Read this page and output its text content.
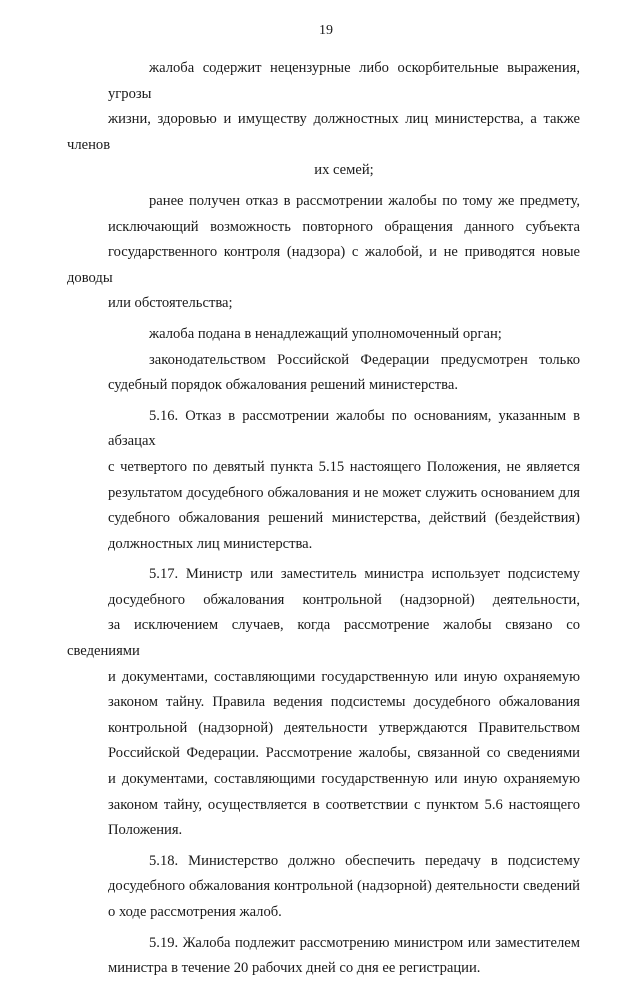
19
жалоба содержит нецензурные либо оскорбительные выражения, угрозы
жизни, здоровью и имуществу должностных лиц министерства, а также членов
их семей;
ранее получен отказ в рассмотрении жалобы по тому же предмету,
исключающий возможность повторного обращения данного субъекта
государственного контроля (надзора) с жалобой, и не приводятся новые доводы
или обстоятельства;
жалоба подана в ненадлежащий уполномоченный орган;
законодательством Российской Федерации предусмотрен только
судебный порядок обжалования решений министерства.
5.16. Отказ в рассмотрении жалобы по основаниям, указанным в абзацах
с четвертого по девятый пункта 5.15 настоящего Положения, не является
результатом досудебного обжалования и не может служить основанием для
судебного обжалования решений министерства, действий (бездействия)
должностных лиц министерства.
5.17. Министр или заместитель министра использует подсистему
досудебного обжалования контрольной (надзорной) деятельности,
за исключением случаев, когда рассмотрение жалобы связано со сведениями
и документами, составляющими государственную или иную охраняемую
законом тайну. Правила ведения подсистемы досудебного обжалования
контрольной (надзорной) деятельности утверждаются Правительством
Российской Федерации. Рассмотрение жалобы, связанной со сведениями
и документами, составляющими государственную или иную охраняемую
законом тайну, осуществляется в соответствии с пунктом 5.6 настоящего
Положения.
5.18. Министерство должно обеспечить передачу в подсистему
досудебного обжалования контрольной (надзорной) деятельности сведений
о ходе рассмотрения жалоб.
5.19. Жалоба подлежит рассмотрению министром или заместителем
министра в течение 20 рабочих дней со дня ее регистрации.
